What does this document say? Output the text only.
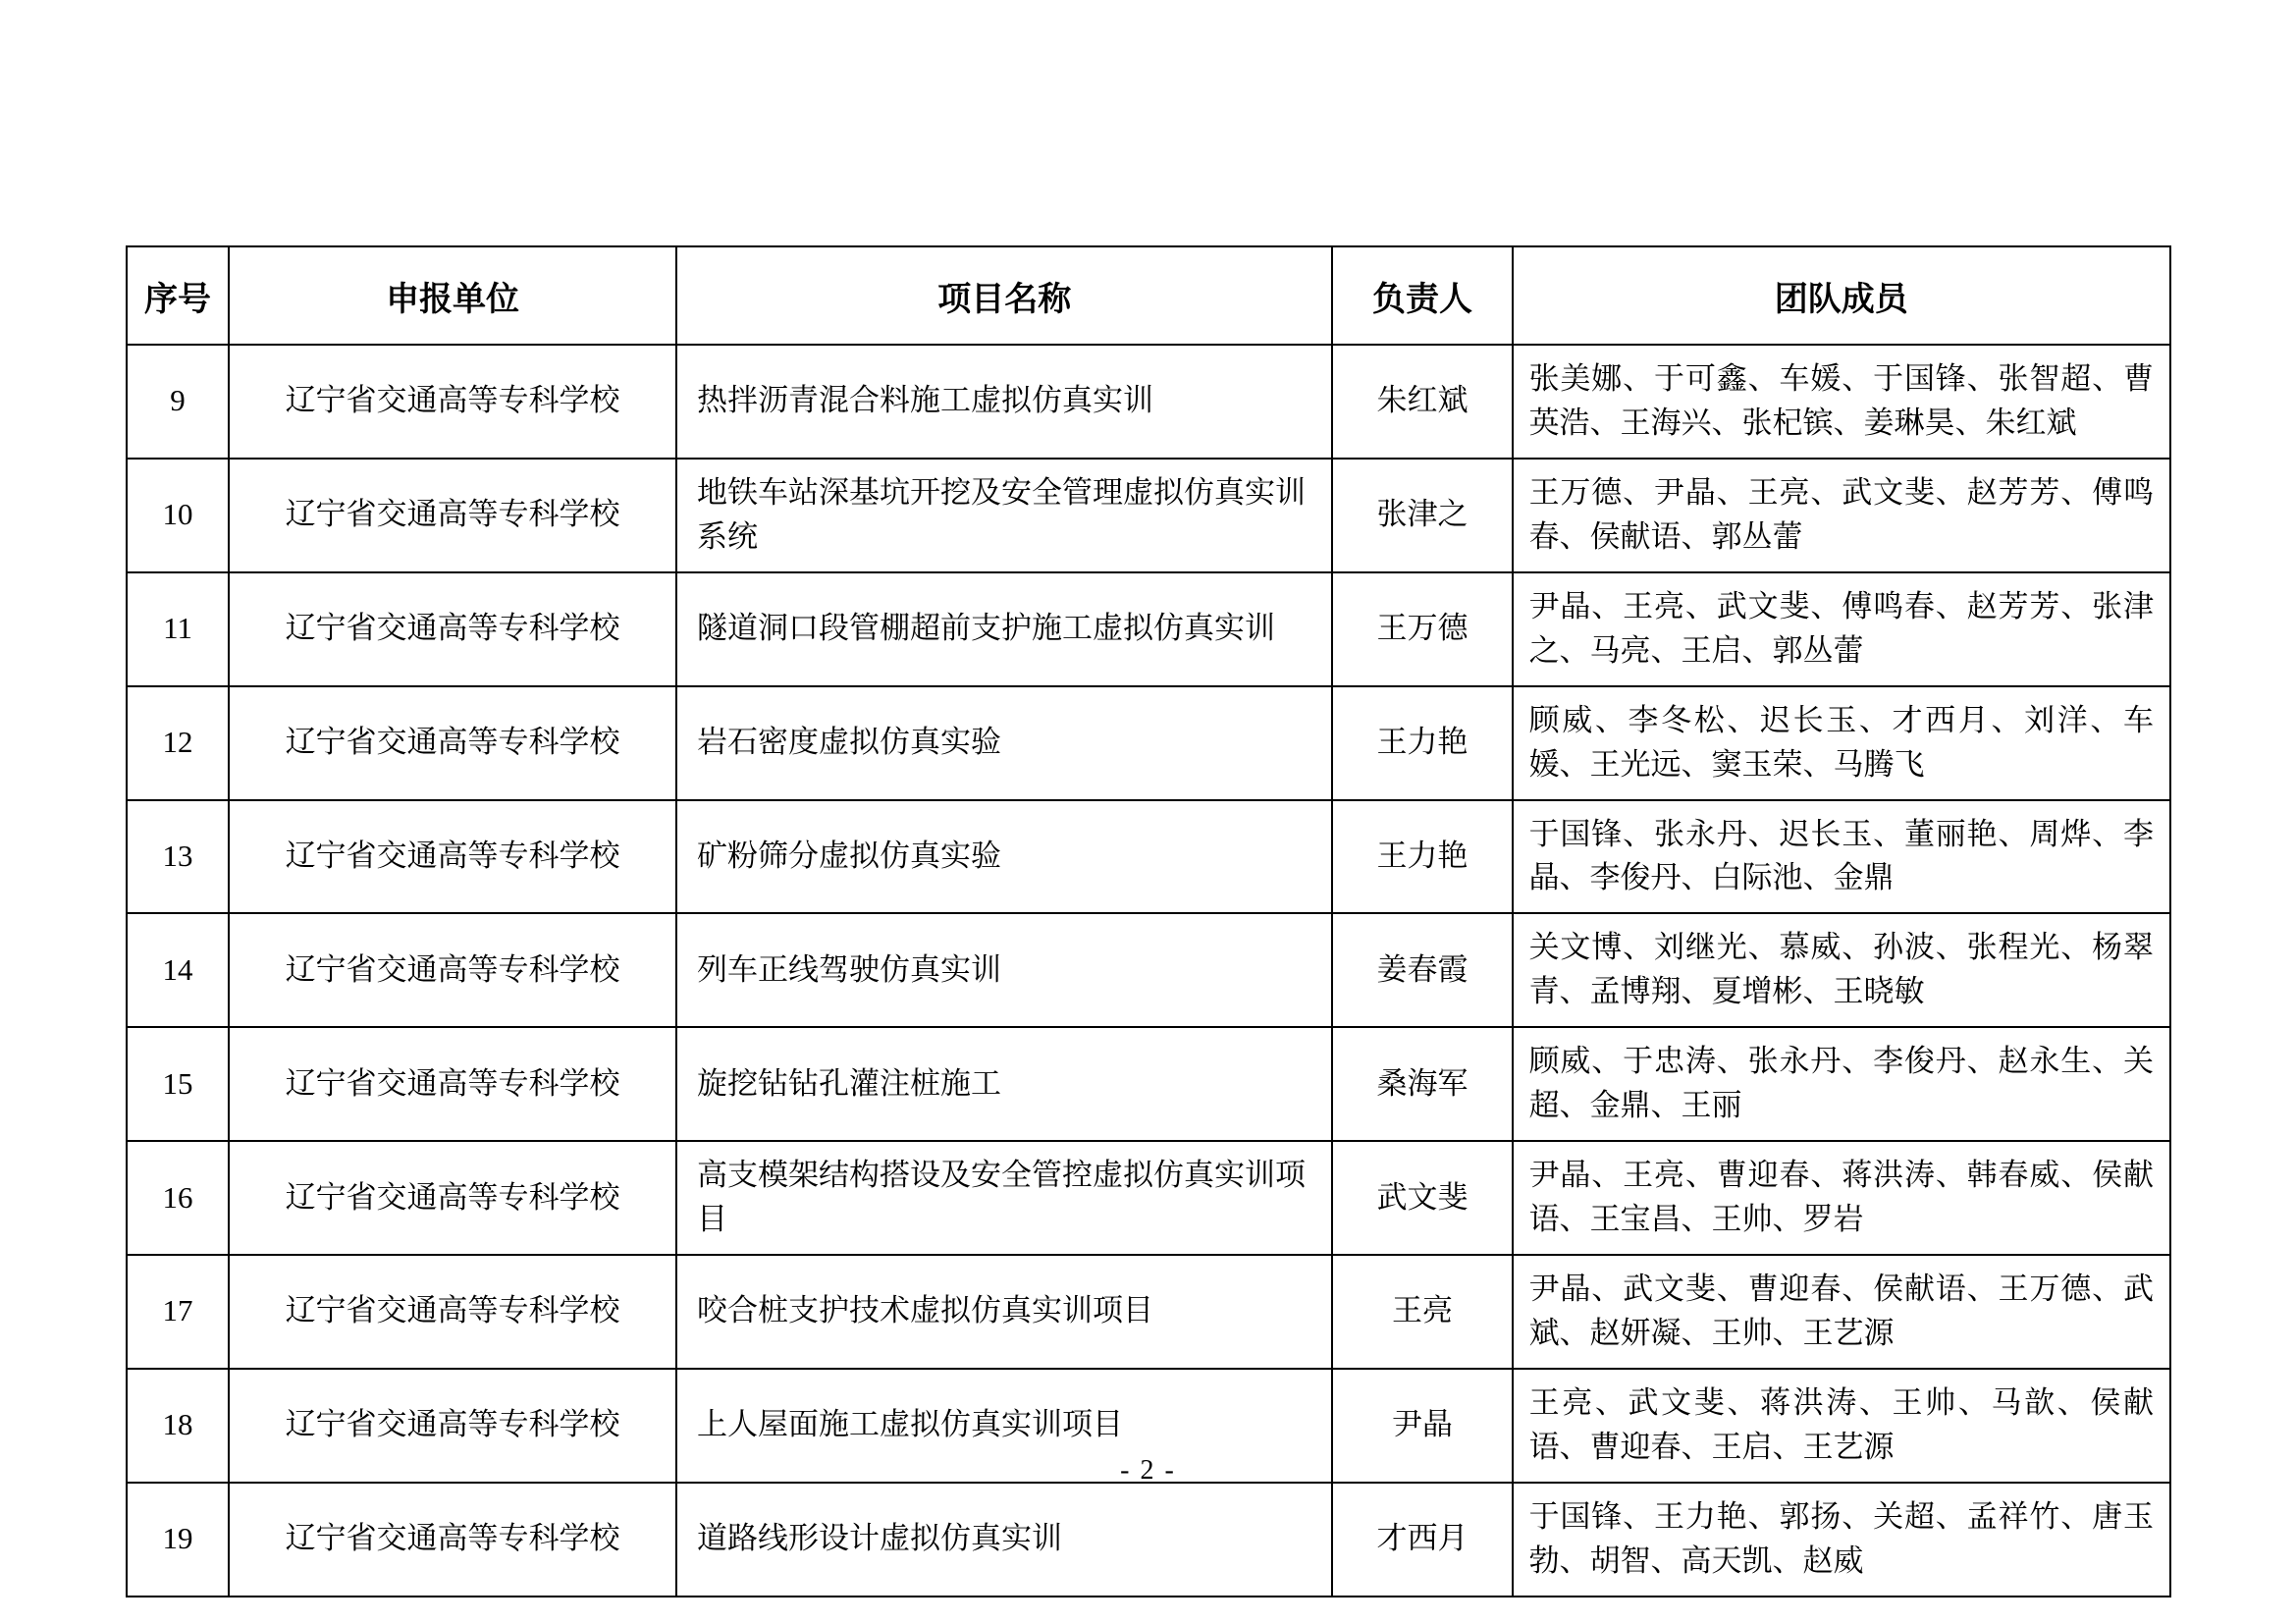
序号	申报单位	项目名称	负责人	团队成员
9	辽宁省交通高等专科学校	热拌沥青混合料施工虚拟仿真实训	朱红斌	张美娜、于可鑫、车媛、于国锋、张智超、曹英浩、王海兴、张杞镔、姜琳昊、朱红斌
10	辽宁省交通高等专科学校	地铁车站深基坑开挖及安全管理虚拟仿真实训系统	张津之	王万德、尹晶、王亮、武文斐、赵芳芳、傅鸣春、侯献语、郭丛蕾
11	辽宁省交通高等专科学校	隧道洞口段管棚超前支护施工虚拟仿真实训	王万德	尹晶、王亮、武文斐、傅鸣春、赵芳芳、张津之、马亮、王启、郭丛蕾
12	辽宁省交通高等专科学校	岩石密度虚拟仿真实验	王力艳	顾威、李冬松、迟长玉、才西月、刘洋、车媛、王光远、窦玉荣、马腾飞
13	辽宁省交通高等专科学校	矿粉筛分虚拟仿真实验	王力艳	于国锋、张永丹、迟长玉、董丽艳、周烨、李晶、李俊丹、白际池、金鼎
14	辽宁省交通高等专科学校	列车正线驾驶仿真实训	姜春霞	关文博、刘继光、慕威、孙波、张程光、杨翠青、孟博翔、夏增彬、王晓敏
15	辽宁省交通高等专科学校	旋挖钻钻孔灌注桩施工	桑海军	顾威、于忠涛、张永丹、李俊丹、赵永生、关超、金鼎、王丽
16	辽宁省交通高等专科学校	高支模架结构搭设及安全管控虚拟仿真实训项目	武文斐	尹晶、王亮、曹迎春、蒋洪涛、韩春威、侯献语、王宝昌、王帅、罗岩
17	辽宁省交通高等专科学校	咬合桩支护技术虚拟仿真实训项目	王亮	尹晶、武文斐、曹迎春、侯献语、王万德、武斌、赵妍凝、王帅、王艺源
18	辽宁省交通高等专科学校	上人屋面施工虚拟仿真实训项目	尹晶	王亮、武文斐、蒋洪涛、王帅、马歆、侯献语、曹迎春、王启、王艺源
19	辽宁省交通高等专科学校	道路线形设计虚拟仿真实训	才西月	于国锋、王力艳、郭扬、关超、孟祥竹、唐玉勃、胡智、高天凯、赵威
- 2 -
